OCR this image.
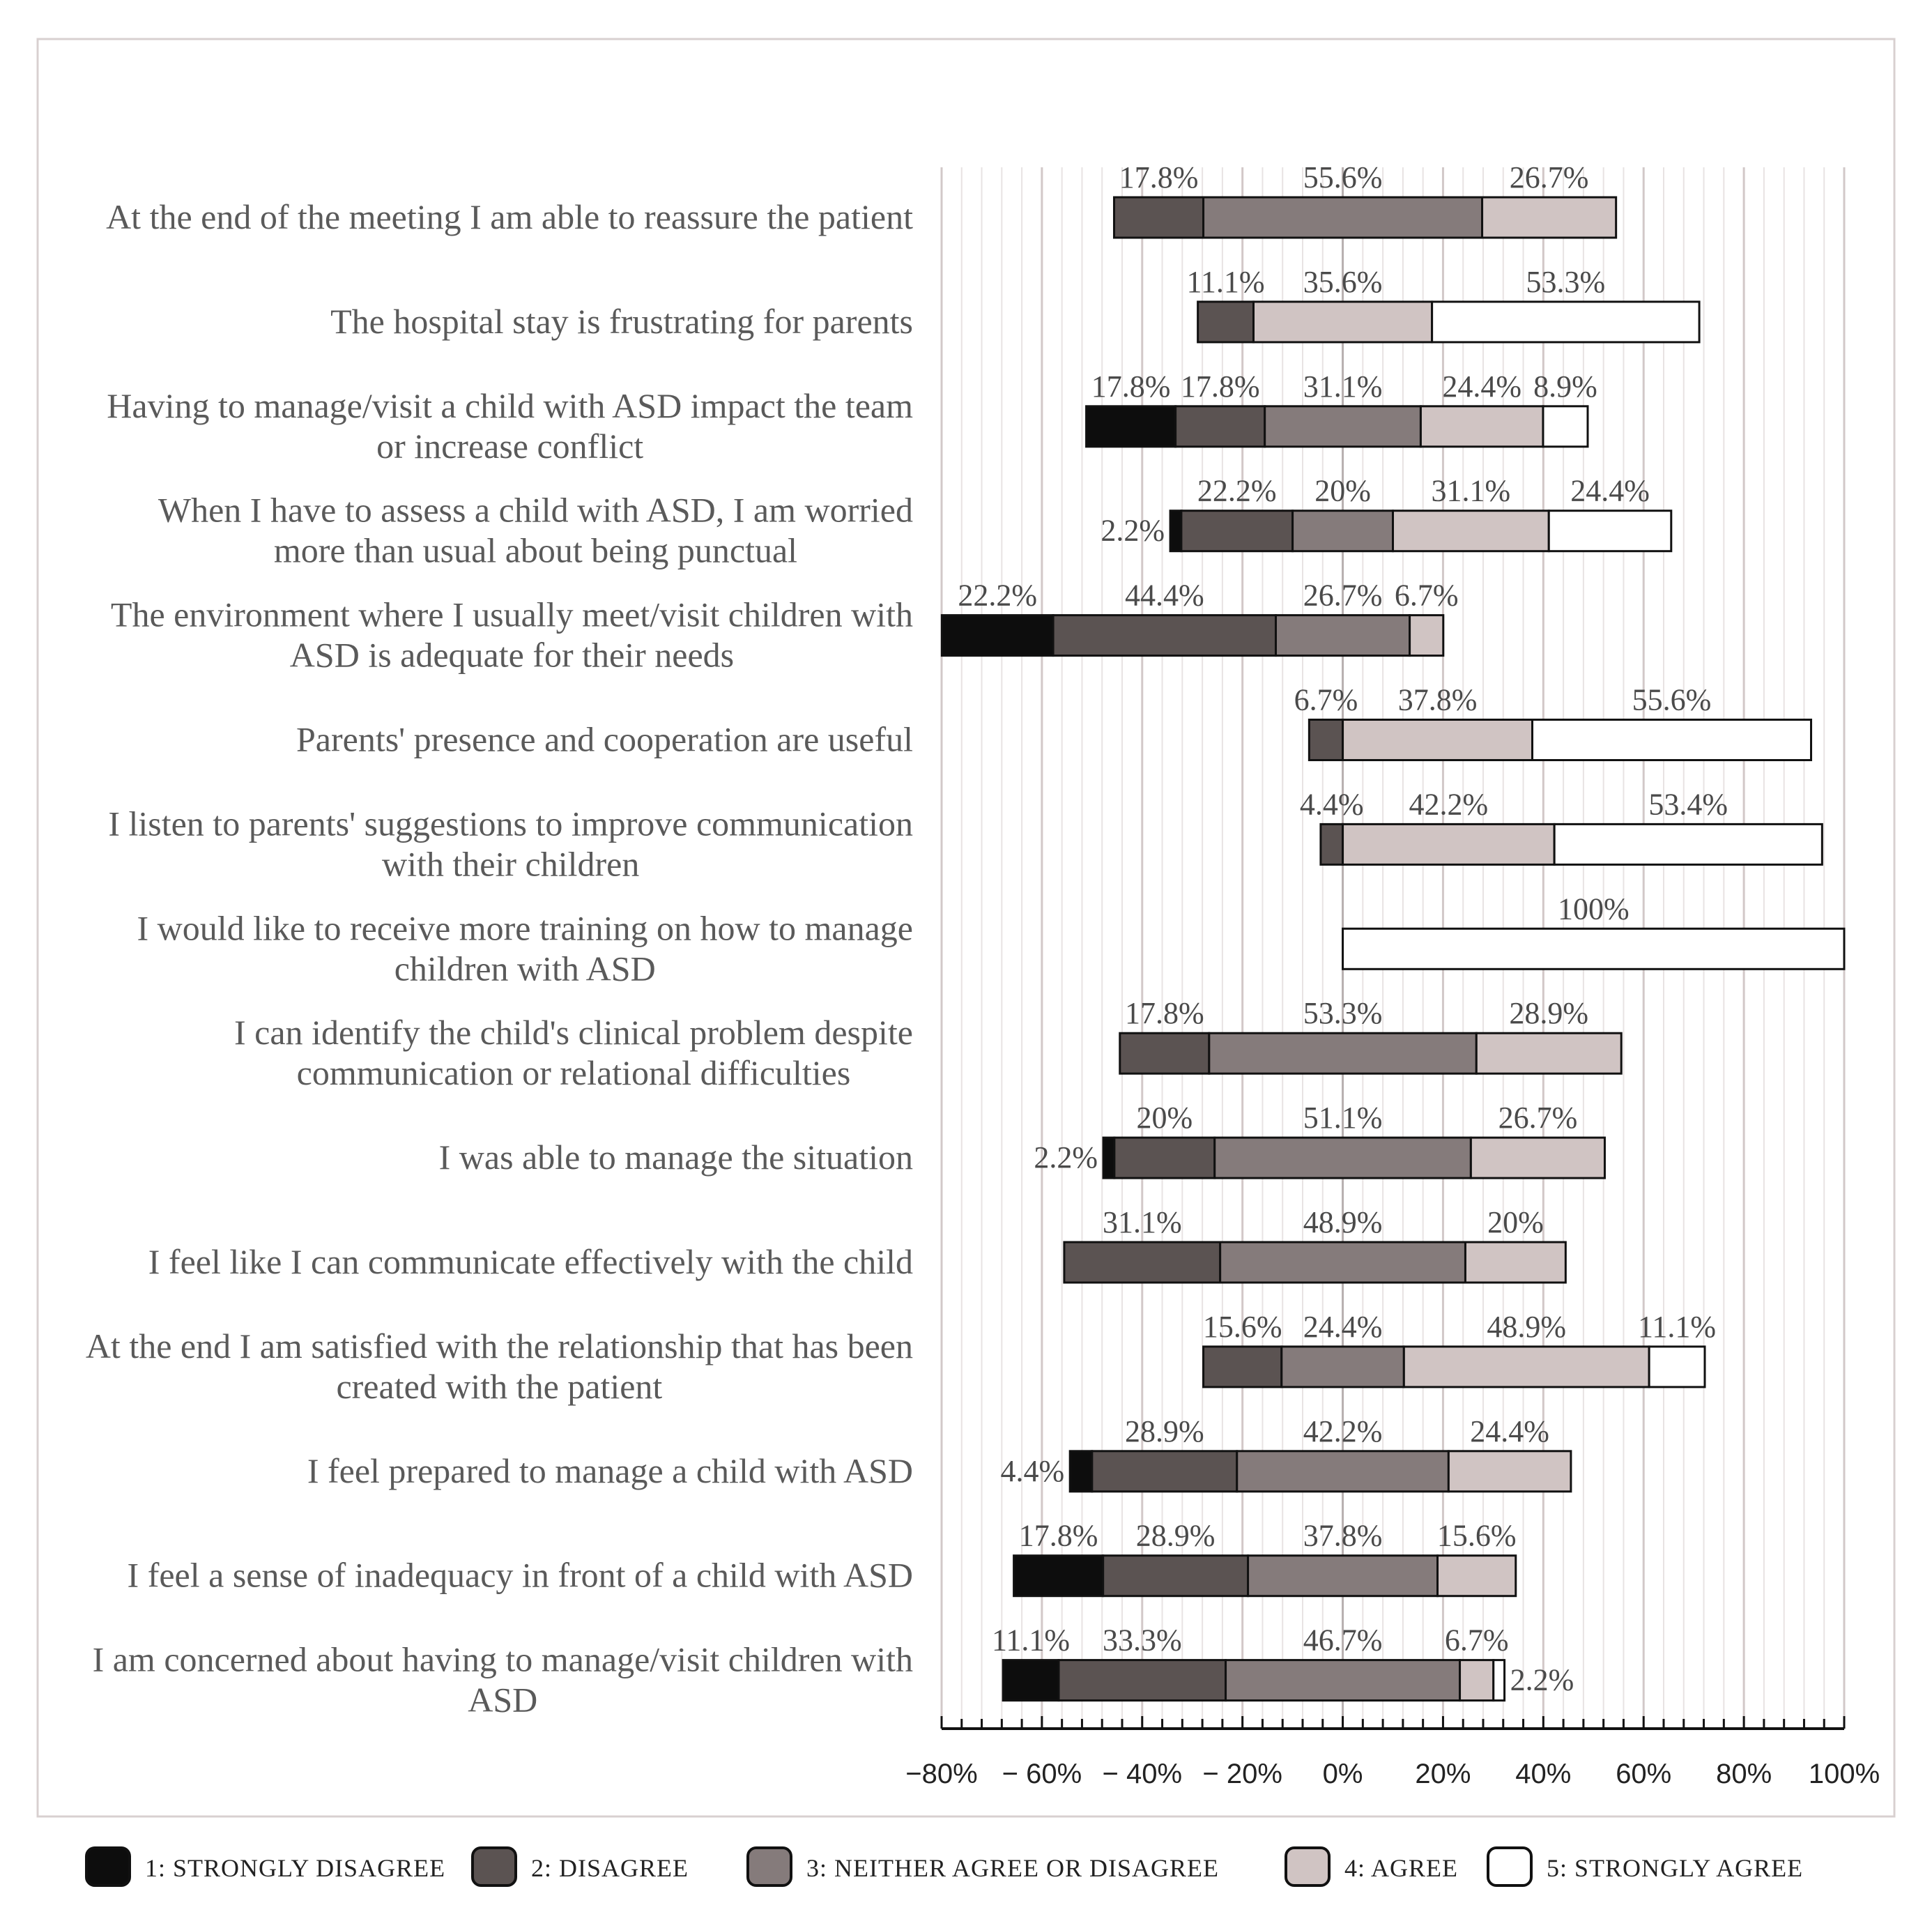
At the end of the meeting I am able to reassure the patient
The hospital stay is frustrating for parents
Having to manage/visit a child with ASD impact the team
or increase conflict
When I have to assess a child with ASD, I am worried
more than usual about being punctual
The environment where I usually meet/visit children with
ASD is adequate for their needs
Parents' presence and cooperation are useful
I listen to parents' suggestions to improve communication
with their children
I would like to receive more training on how to manage
children with ASD
I can identify the child's clinical problem despite
communication or relational difficulties
I was able to manage the situation
I feel like I can communicate effectively with the child
At the end I am satisfied with the relationship that has been
created with the patient
I feel prepared to manage a child with ASD
I feel a sense of inadequacy in front of a child with ASD
I am concerned about having to manage/visit children with
ASD
17.8%	55.6%	26.7%
11.1% 35.6%	53.3%
17.8% 17.8% 31.1% 24.4% 8.9%
2.2%
22.2% 20% 31.1% 24.4%
22.2%	44.4%	26.7% 6.7%
6.7% 37.8%	55.6%
4.4% 42.2%	53.4%
100%
17.8%	53.3%	28.9%
2.2%
20%	51.1%	26.7%
31.1%	48.9%	20%
15.6% 24.4%	48.9% 11.1%
4.4%
28.9%	42.2%	24.4%
17.8% 28.9%	37.8% 15.6%
11.1% 33.3%	46.7% 6.7%
2.2%
−80% − 60% − 40% − 20% 0% 20% 40% 60% 80% 100%
1: STRONGLY DISAGREE	2: DISAGREE	3: NEITHER AGREE OR DISAGREE	4: AGREE	5: STRONGLY AGREE
